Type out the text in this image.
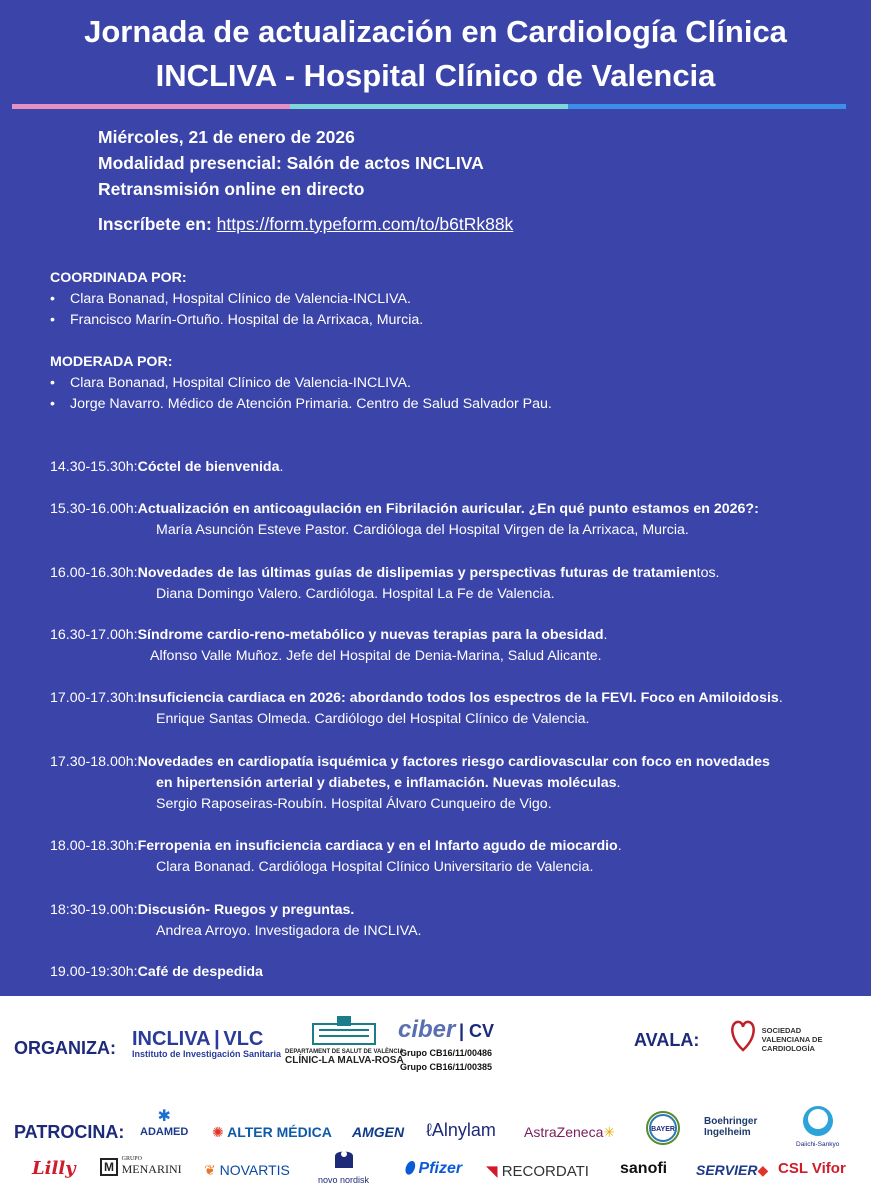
Jornada de actualización en Cardiología Clínica
INCLIVA - Hospital Clínico de Valencia
Miércoles, 21 de enero de 2026
Modalidad presencial: Salón de actos INCLIVA
Retransmisión online en directo
Inscríbete en: https://form.typeform.com/to/b6tRk88k
COORDINADA POR:
• Clara Bonanad, Hospital Clínico de Valencia-INCLIVA.
• Francisco Marín-Ortuño. Hospital de la Arrixaca, Murcia.
MODERADA POR:
• Clara Bonanad, Hospital Clínico de Valencia-INCLIVA.
• Jorge Navarro. Médico de Atención Primaria. Centro de Salud Salvador Pau.
14.30-15.30h: Cóctel de bienvenida .
15.30-16.00h: Actualización en anticoagulación en Fibrilación auricular. ¿En qué punto estamos en 2026?:
María Asunción Esteve Pastor. Cardióloga del Hospital Virgen de la Arrixaca, Murcia.
16.00-16.30h: Novedades de las últimas guías de dislipemias y perspectivas futuras de tratamien tos.
Diana Domingo Valero. Cardióloga. Hospital La Fe de Valencia.
16.30-17.00h: Síndrome cardio-reno-metabólico y nuevas terapias para la obesidad .
Alfonso Valle Muñoz. Jefe del Hospital de Denia-Marina, Salud Alicante.
17.00-17.30h: Insuficiencia cardiaca en 2026: abordando todos los espectros de la FEVI. Foco en Amiloidosis .
Enrique Santas Olmeda. Cardiólogo del Hospital Clínico de Valencia.
17.30-18.00h: Novedades en cardiopatía isquémica y factores riesgo cardiovascular con foco en novedades
en hipertensión arterial y diabetes, e inflamación. Nuevas moléculas.
Sergio Raposeiras-Roubín. Hospital Álvaro Cunqueiro de Vigo.
18.00-18.30h: Ferropenia en insuficiencia cardiaca y en el Infarto agudo de miocardio .
Clara Bonanad. Cardióloga Hospital Clínico Universitario de Valencia.
18:30-19.00h: Discusión- Ruegos y preguntas.
Andrea Arroyo. Investigadora de INCLIVA.
19.00-19:30h: Café de despedida
ORGANIZA: INCLIVA | VLC
Instituto de Investigación Sanitaria DEPARTAMENT DE SALUT DE VALÈNCIA
CLÍNIC-LA MALVA-ROSA
ciber | CV
Grupo CB16/11/00486
Grupo CB16/11/00385
AVALA:
	SOCIEDAD
VALENCIANA DE
CARDIOLOGÍA
PATROCINA:
✱
ADAMED ✺ ALTER MÉDICA AMGEN ℓAlnylam AstraZeneca✳	BAYER
Boehringer Ingelheim
Daiichi-Sankyo
Lilly	M
GRUPO
MENARINI ❦ NOVARTIS
novo nordisk
⬮ Pfizer ◥ RECORDATI sanofi SERVIER◆ CSL Vifor
